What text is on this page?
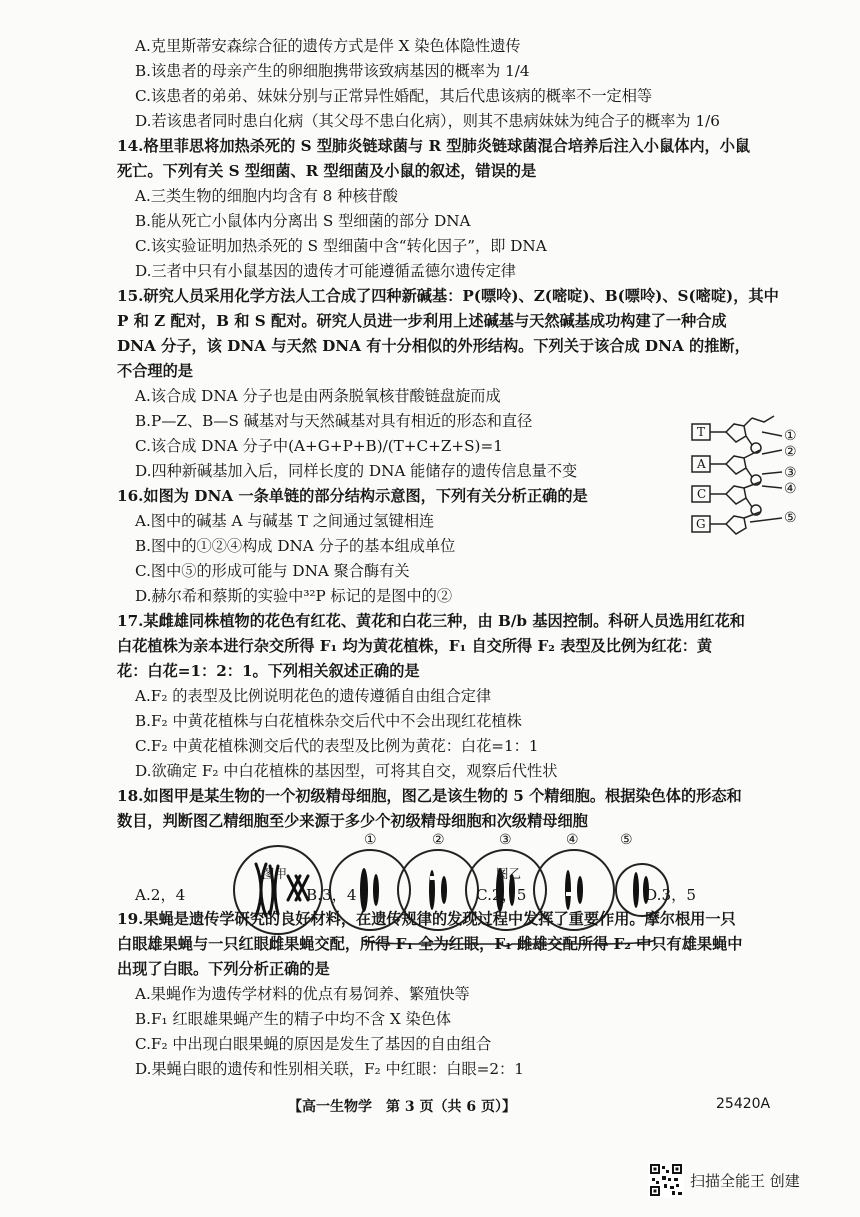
A.克里斯蒂安森综合征的遗传方式是伴 X 染色体隐性遗传
B.该患者的母亲产生的卵细胞携带该致病基因的概率为 1/4
C.该患者的弟弟、妹妹分别与正常异性婚配，其后代患该病的概率不一定相等
D.若该患者同时患白化病（其父母不患白化病），则其不患病妹妹为纯合子的概率为 1/6
14.格里菲思将加热杀死的 S 型肺炎链球菌与 R 型肺炎链球菌混合培养后注入小鼠体内，小鼠
死亡。下列有关 S 型细菌、R 型细菌及小鼠的叙述，错误的是
A.三类生物的细胞内均含有 8 种核苷酸
B.能从死亡小鼠体内分离出 S 型细菌的部分 DNA
C.该实验证明加热杀死的 S 型细菌中含“转化因子”，即 DNA
D.三者中只有小鼠基因的遗传才可能遵循孟德尔遗传定律
15.研究人员采用化学方法人工合成了四种新碱基：P(嘌呤)、Z(嘧啶)、B(嘌呤)、S(嘧啶)，其中
P 和 Z 配对，B 和 S 配对。研究人员进一步利用上述碱基与天然碱基成功构建了一种合成
DNA 分子，该 DNA 与天然 DNA 有十分相似的外形结构。下列关于该合成 DNA 的推断，
不合理的是
A.该合成 DNA 分子也是由两条脱氧核苷酸链盘旋而成
B.P—Z、B—S 碱基对与天然碱基对具有相近的形态和直径
C.该合成 DNA 分子中(A+G+P+B)/(T+C+Z+S)=1
D.四种新碱基加入后，同样长度的 DNA 能储存的遗传信息量不变
16.如图为 DNA 一条单链的部分结构示意图，下列有关分析正确的是
A.图中的碱基 A 与碱基 T 之间通过氢键相连
B.图中的①②④构成 DNA 分子的基本组成单位
C.图中⑤的形成可能与 DNA 聚合酶有关
D.赫尔希和蔡斯的实验中³²P 标记的是图中的②
17.某雌雄同株植物的花色有红花、黄花和白花三种，由 B/b 基因控制。科研人员选用红花和
白花植株为亲本进行杂交所得 F₁ 均为黄花植株，F₁ 自交所得 F₂ 表型及比例为红花：黄
花：白花=1：2：1。下列相关叙述正确的是
A.F₂ 的表型及比例说明花色的遗传遵循自由组合定律
B.F₂ 中黄花植株与白花植株杂交后代中不会出现红花植株
C.F₂ 中黄花植株测交后代的表型及比例为黄花：白花=1：1
D.欲确定 F₂ 中白花植株的基因型，可将其自交，观察后代性状
18.如图甲是某生物的一个初级精母细胞，图乙是该生物的 5 个精细胞。根据染色体的形态和
数目，判断图乙精细胞至少来源于多少个初级精母细胞和次级精母细胞
①	②	③	④	⑤
图甲	图乙
A.2，4	B.3，4	C.2，5	D.3，5
19.果蝇是遗传学研究的良好材料，在遗传规律的发现过程中发挥了重要作用。摩尔根用一只
白眼雄果蝇与一只红眼雌果蝇交配，所得 F₁ 全为红眼，F₁ 雌雄交配所得 F₂ 中只有雄果蝇中
出现了白眼。下列分析正确的是
A.果蝇作为遗传学材料的优点有易饲养、繁殖快等
B.F₁ 红眼雄果蝇产生的精子中均不含 X 染色体
C.F₂ 中出现白眼果蝇的原因是发生了基因的自由组合
D.果蝇白眼的遗传和性别相关联，F₂ 中红眼：白眼=2：1
T
A
C
G
①
②
③
④
⑤
【高一生物学　第 3 页（共 6 页）】	25420A
扫描全能王 创建
